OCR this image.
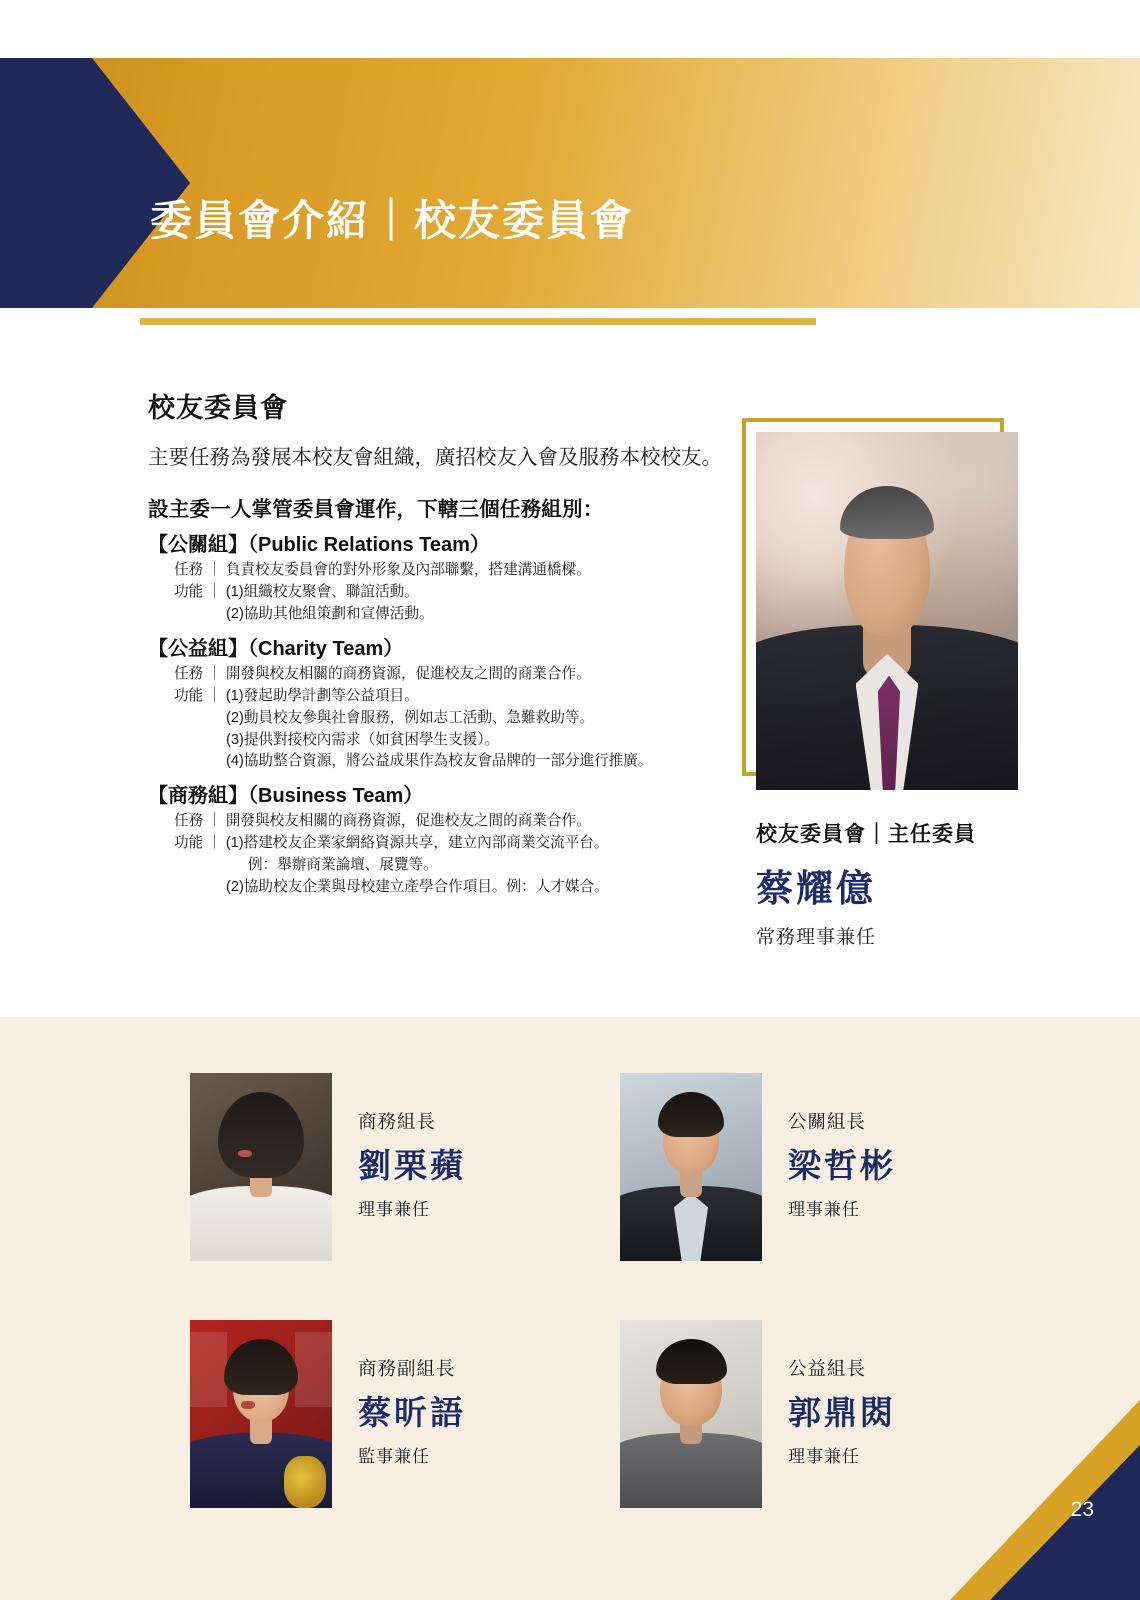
委員會介紹｜校友委員會
校友委員會

主要任務為發展本校友會組織，廣招校友入會及服務本校校友。

設主委一人掌管委員會運作，下轄三個任務組別：

【公關組】（Public Relations Team）
任務 ｜ 負責校友委員會的對外形象及內部聯繫，搭建溝通橋樑。
功能 ｜ (1)組織校友聚會、聯誼活動。
(2)協助其他組策劃和宣傳活動。
【公益組】（Charity Team）
任務 ｜ 開發與校友相關的商務資源，促進校友之間的商業合作。
功能 ｜ (1)發起助學計劃等公益項目。
(2)動員校友參與社會服務，例如志工活動、急難救助等。
(3)提供對接校內需求（如貧困學生支援）。
(4)協助整合資源，將公益成果作為校友會品牌的一部分進行推廣。
【商務組】（Business Team）
任務 ｜ 開發與校友相關的商務資源，促進校友之間的商業合作。
功能 ｜ (1)搭建校友企業家網絡資源共享，建立內部商業交流平台。
例：舉辦商業論壇、展覽等。
(2)協助校友企業與母校建立產學合作項目。例：人才媒合。
校友委員會｜主任委員
蔡耀億
常務理事兼任
商務組長
劉栗蘋
理事兼任
公關組長
梁哲彬
理事兼任
商務副組長
蔡昕語
監事兼任
公益組長
郭鼎閦
理事兼任
23
